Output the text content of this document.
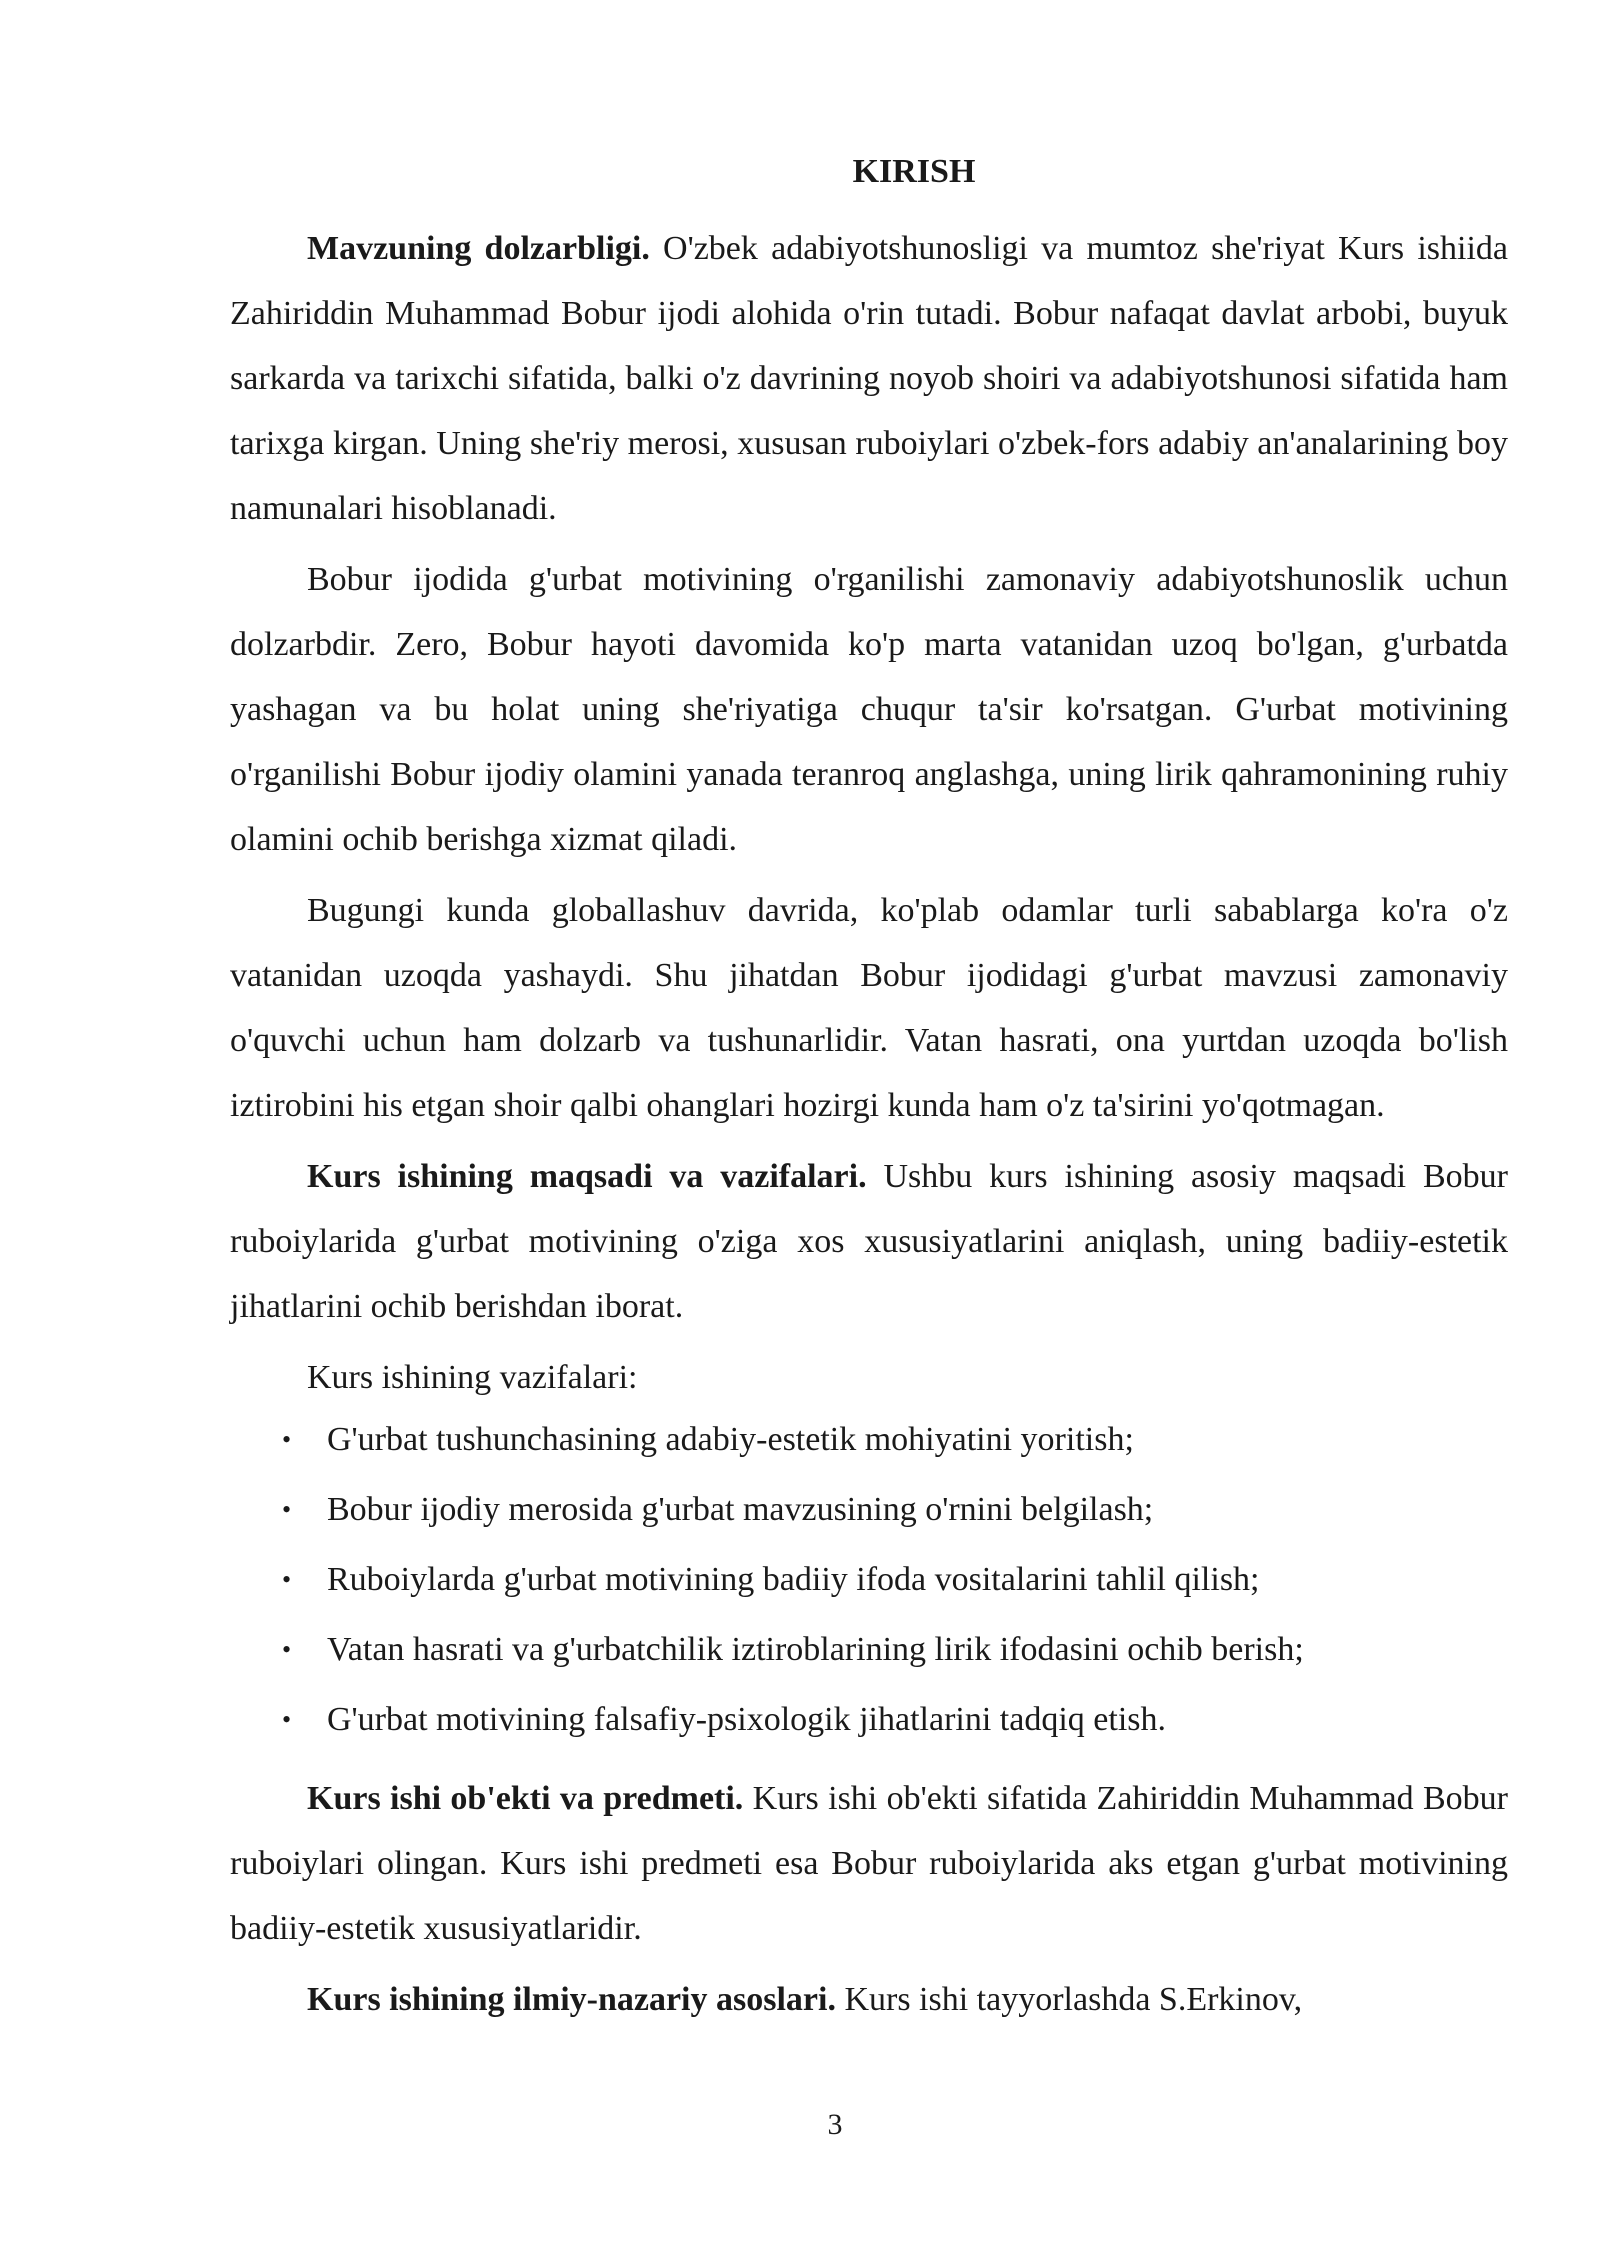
KIRISH

Mavzuning dolzarbligi. O'zbek adabiyotshunosligi va mumtoz she'riyat Kurs ishiida Zahiriddin Muhammad Bobur ijodi alohida o'rin tutadi. Bobur nafaqat davlat arbobi, buyuk sarkarda va tarixchi sifatida, balki o'z davrining noyob shoiri va adabiyotshunosi sifatida ham tarixga kirgan. Uning she'riy merosi, xususan ruboiylari o'zbek-fors adabiy an'analarining boy namunalari hisoblanadi.

Bobur ijodida g'urbat motivining o'rganilishi zamonaviy adabiyotshunoslik uchun dolzarbdir. Zero, Bobur hayoti davomida ko'p marta vatanidan uzoq bo'lgan, g'urbatda yashagan va bu holat uning she'riyatiga chuqur ta'sir ko'rsatgan. G'urbat motivining o'rganilishi Bobur ijodiy olamini yanada teranroq anglashga, uning lirik qahramonining ruhiy olamini ochib berishga xizmat qiladi.

Bugungi kunda globallashuv davrida, ko'plab odamlar turli sabablarga ko'ra o'z vatanidan uzoqda yashaydi. Shu jihatdan Bobur ijodidagi g'urbat mavzusi zamonaviy o'quvchi uchun ham dolzarb va tushunarlidir. Vatan hasrati, ona yurtdan uzoqda bo'lish iztirobini his etgan shoir qalbi ohanglari hozirgi kunda ham o'z ta'sirini yo'qotmagan.

Kurs ishining maqsadi va vazifalari. Ushbu kurs ishining asosiy maqsadi Bobur ruboiylarida g'urbat motivining o'ziga xos xususiyatlarini aniqlash, uning badiiy-estetik jihatlarini ochib berishdan iborat.

Kurs ishining vazifalari:
• G'urbat tushunchasining adabiy-estetik mohiyatini yoritish;
• Bobur ijodiy merosida g'urbat mavzusining o'rnini belgilash;
• Ruboiylarda g'urbat motivining badiiy ifoda vositalarini tahlil qilish;
• Vatan hasrati va g'urbatchilik iztiroblarining lirik ifodasini ochib berish;
• G'urbat motivining falsafiy-psixologik jihatlarini tadqiq etish.

Kurs ishi ob'ekti va predmeti. Kurs ishi ob'ekti sifatida Zahiriddin Muhammad Bobur ruboiylari olingan. Kurs ishi predmeti esa Bobur ruboiylarida aks etgan g'urbat motivining badiiy-estetik xususiyatlaridir.

Kurs ishining ilmiy-nazariy asoslari. Kurs ishi tayyorlashda S.Erkinov,

3
